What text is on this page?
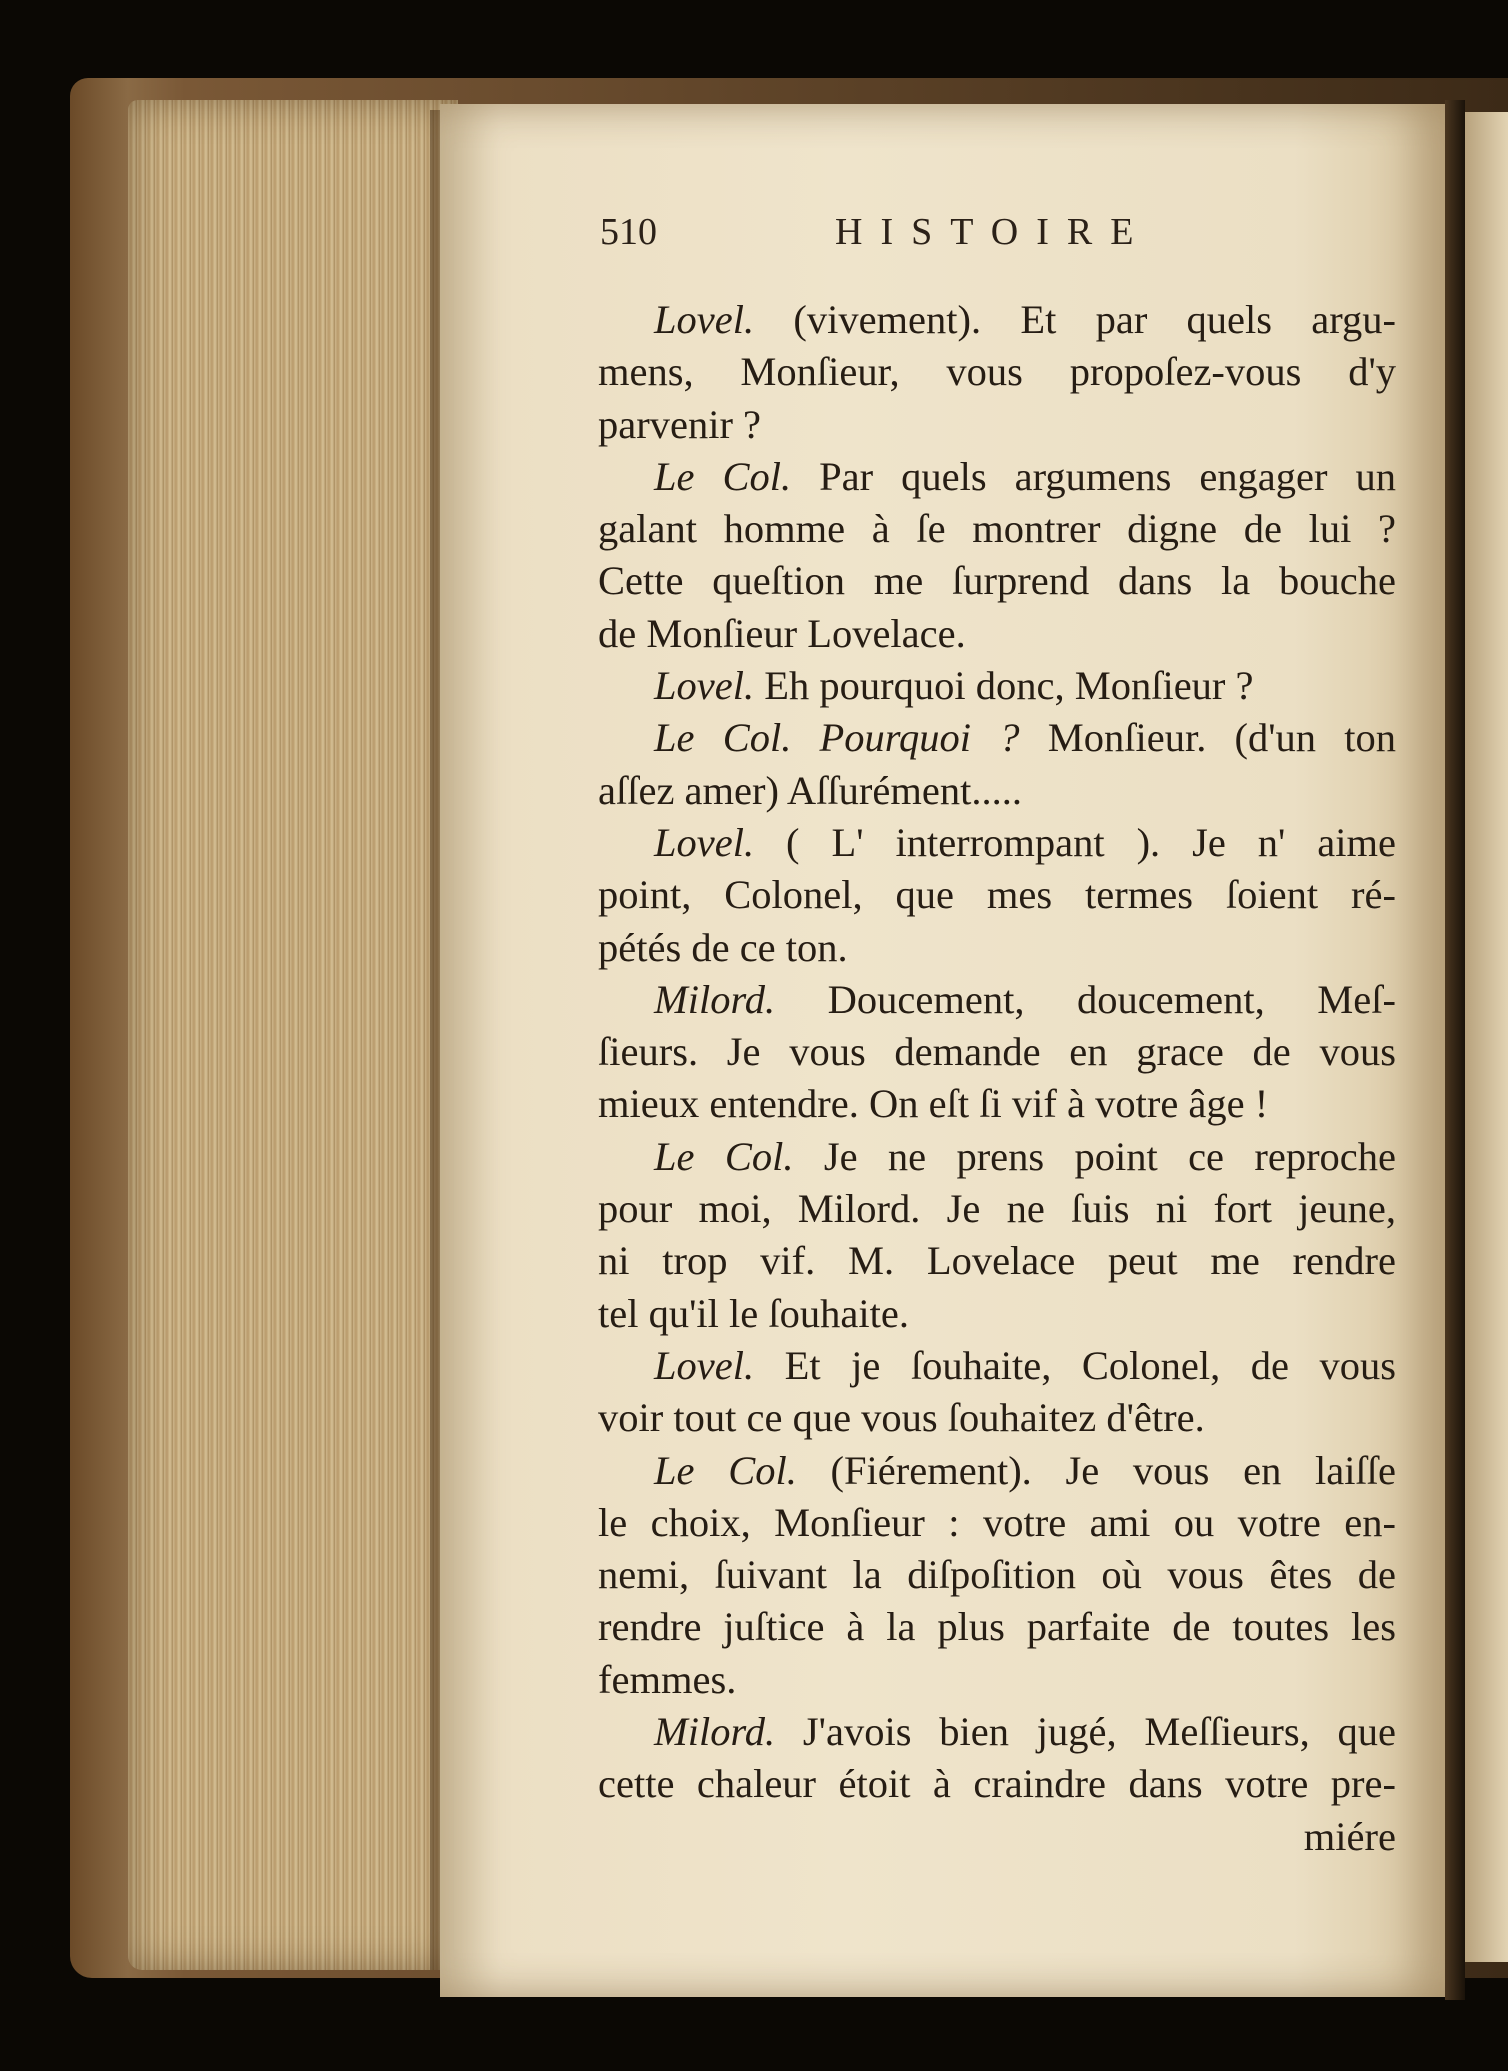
510	HISTOIRE
Lovel. (vivement). Et par quels argu-
mens, Monſieur, vous propoſez-vous d'y
parvenir ?
Le Col. Par quels argumens engager un
galant homme à ſe montrer digne de lui ?
Cette queſtion me ſurprend dans la bouche
de Monſieur Lovelace.
Lovel. Eh pourquoi donc, Monſieur ?
Le Col. Pourquoi ? Monſieur. (d'un ton
aſſez amer) Aſſurément.....
Lovel. ( L' interrompant ). Je n' aime
point, Colonel, que mes termes ſoient ré-
pétés de ce ton.
Milord. Doucement, doucement, Meſ-
ſieurs. Je vous demande en grace de vous
mieux entendre. On eſt ſi vif à votre âge !
Le Col. Je ne prens point ce reproche
pour moi, Milord. Je ne ſuis ni fort jeune,
ni trop vif. M. Lovelace peut me rendre
tel qu'il le ſouhaite.
Lovel. Et je ſouhaite, Colonel, de vous
voir tout ce que vous ſouhaitez d'être.
Le Col. (Fiérement). Je vous en laiſſe
le choix, Monſieur : votre ami ou votre en-
nemi, ſuivant la diſpoſition où vous êtes de
rendre juſtice à la plus parfaite de toutes les
femmes.
Milord. J'avois bien jugé, Meſſieurs, que
cette chaleur étoit à craindre dans votre pre-
miére
